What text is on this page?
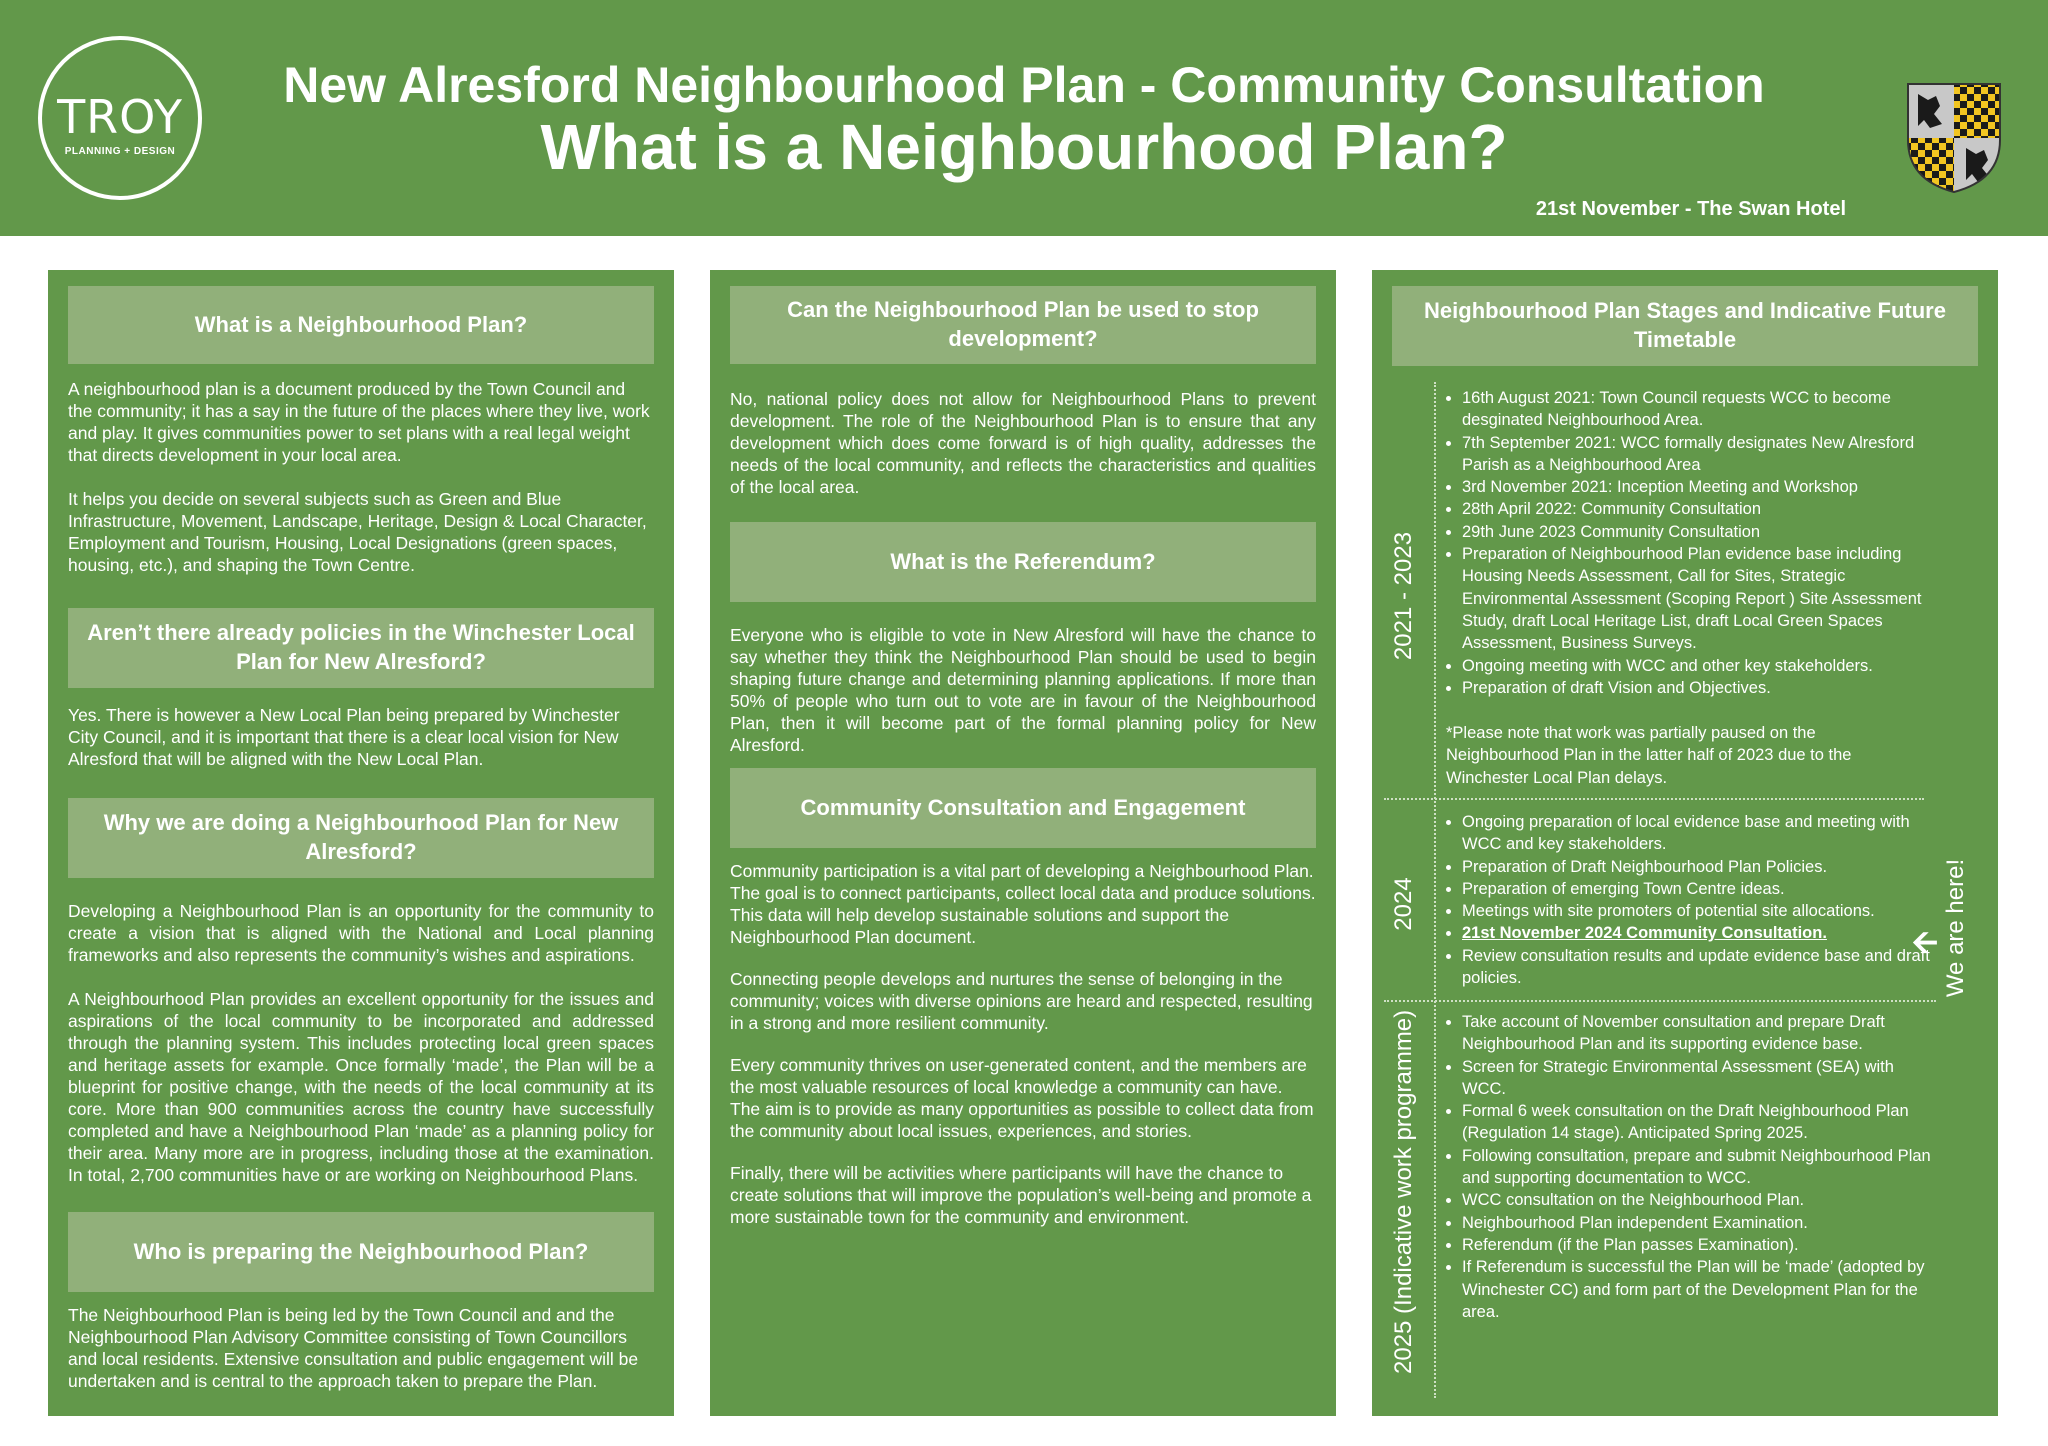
TROY
PLANNING + DESIGN
New Alresford Neighbourhood Plan - Community Consultation
What is a Neighbourhood Plan?
21st November - The Swan Hotel
What is a Neighbourhood Plan?

A neighbourhood plan is a document produced by the Town Council and the community; it has a say in the future of the places where they live, work and play. It gives communities power to set plans with a real legal weight that directs development in your local area.

It helps you decide on several subjects such as Green and Blue Infrastructure, Movement, Landscape, Heritage, Design & Local Character, Employment and Tourism, Housing, Local Designations (green spaces, housing, etc.), and shaping the Town Centre.

Aren’t there already policies in the Winchester Local Plan for New Alresford?

Yes. There is however a New Local Plan being prepared by Winchester City Council, and it is important that there is a clear local vision for New Alresford that will be aligned with the New Local Plan.

Why we are doing a Neighbourhood Plan for New Alresford?

Developing a Neighbourhood Plan is an opportunity for the community to create a vision that is aligned with the National and Local planning frameworks and also represents the community’s wishes and aspirations.

A Neighbourhood Plan provides an excellent opportunity for the issues and aspirations of the local community to be incorporated and addressed through the planning system. This includes protecting local green spaces and heritage assets for example. Once formally ‘made’, the Plan will be a blueprint for positive change, with the needs of the local community at its core. More than 900 communities across the country have successfully completed and have a Neighbourhood Plan ‘made’ as a planning policy for their area. Many more are in progress, including those at the examination. In total, 2,700 communities have or are working on Neighbourhood Plans.

Who is preparing the Neighbourhood Plan?

The Neighbourhood Plan is being led by the Town Council and and the Neighbourhood Plan Advisory Committee consisting of Town Councillors and local residents. Extensive consultation and public engagement will be undertaken and is central to the approach taken to prepare the Plan.

Can the Neighbourhood Plan be used to stop development?

No, national policy does not allow for Neighbourhood Plans to prevent development. The role of the Neighbourhood Plan is to ensure that any development which does come forward is of high quality, addresses the needs of the local community, and reflects the characteristics and qualities of the local area.

What is the Referendum?

Everyone who is eligible to vote in New Alresford will have the chance to say whether they think the Neighbourhood Plan should be used to begin shaping future change and determining planning applications. If more than 50% of people who turn out to vote are in favour of the Neighbourhood Plan, then it will become part of the formal planning policy for New Alresford.

Community Consultation and Engagement

Community participation is a vital part of developing a Neighbourhood Plan. The goal is to connect participants, collect local data and produce solutions. This data will help develop sustainable solutions and support the Neighbourhood Plan document.

Connecting people develops and nurtures the sense of belonging in the community; voices with diverse opinions are heard and respected, resulting in a strong and more resilient community.

Every community thrives on user-generated content, and the members are the most valuable resources of local knowledge a community can have. The aim is to provide as many opportunities as possible to collect data from the community about local issues, experiences, and stories.

Finally, there will be activities where participants will have the chance to create solutions that will improve the population’s well-being and promote a more sustainable town for the community and environment.

Neighbourhood Plan Stages and Indicative Future Timetable
2021 - 2023
• 16th August 2021: Town Council requests WCC to become desginated Neighbourhood Area.
• 7th September 2021: WCC formally designates New Alresford Parish as a Neighbourhood Area
• 3rd November 2021: Inception Meeting and Workshop
• 28th April 2022: Community Consultation
• 29th June 2023 Community Consultation
• Preparation of Neighbourhood Plan evidence base including Housing Needs Assessment, Call for Sites, Strategic Environmental Assessment (Scoping Report ) Site Assessment Study, draft Local Heritage List, draft Local Green Spaces Assessment, Business Surveys.
• Ongoing meeting with WCC and other key stakeholders.
• Preparation of draft Vision and Objectives.
*Please note that work was partially paused on the Neighbourhood Plan in the latter half of 2023 due to the Winchester Local Plan delays.
2024
• Ongoing preparation of local evidence base and meeting with WCC and key stakeholders.
• Preparation of Draft Neighbourhood Plan Policies.
• Preparation of emerging Town Centre ideas.
• Meetings with site promoters of potential site allocations.
• 21st November 2024 Community Consultation.
• Review consultation results and update evidence base and draft policies.
🡨 We are here!
2025 (Indicative work programme)
•	Take account of November consultation and prepare Draft Neighbourhood Plan and its supporting evidence base.
• Screen for Strategic Environmental Assessment (SEA) with WCC.
• Formal 6 week consultation on the Draft Neighbourhood Plan (Regulation 14 stage). Anticipated Spring 2025.
• Following consultation, prepare and submit Neighbourhood Plan and supporting documentation to WCC.
• WCC consultation on the Neighbourhood Plan.
• Neighbourhood Plan independent Examination.
• Referendum (if the Plan passes Examination).
• If Referendum is successful the Plan will be ‘made’ (adopted by Winchester CC) and form part of the Development Plan for the area.
